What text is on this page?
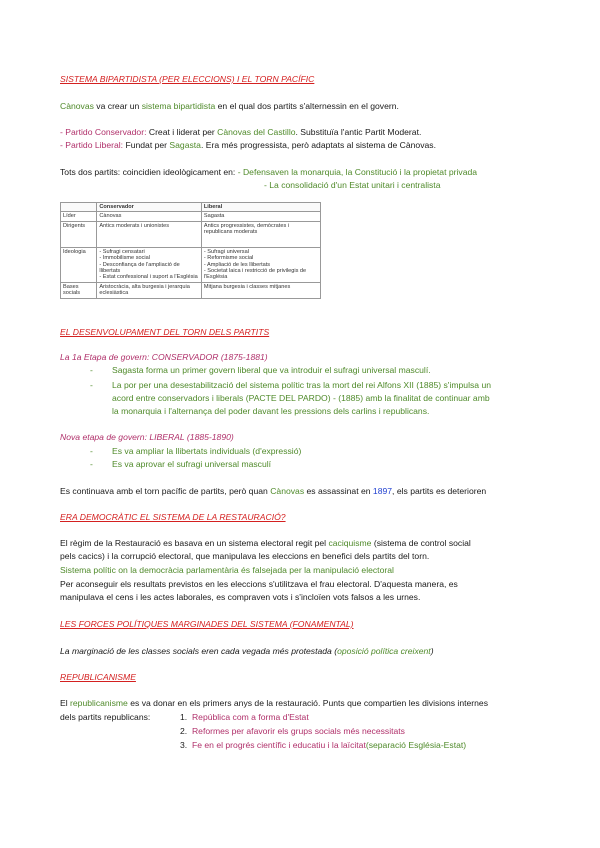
SISTEMA BIPARTIDISTA (PER ELECCIONS) I EL TORN PACÍFIC
Cànovas va crear un sistema bipartidista en el qual dos partits s'alternessin en el govern.
- Partido Conservador: Creat i liderat per Cànovas del Castillo. Substituïa l'antic Partit Moderat.
- Partido Liberal: Fundat per Sagasta. Era més progressista, però adaptats al sistema de Cànovas.
Tots dos partits: coincidien ideològicament en: - Defensaven la monarquia, la Constitució i la propietat privada
- La consolidació d'un Estat unitari i centralista
	Conservador	Liberal
Líder	Cànovas	Sagasta
Dirigents	Antics moderats i unionistes	Antics progressistes, demòcrates i republicans moderats
Ideologia	- Sufragi censatari
- Immobilisme social
- Desconfiança de l'ampliació de llibertats
- Estat confessional i suport a l'Església	- Sufragi universal
- Reformisme social
- Ampliació de les llibertats
- Societat laica i restricció de privilegis de l'Església
Bases socials	Aristocràcia, alta burgesia i jerarquia eclesiàstica	Mitjana burgesia i classes mitjanes
EL DESENVOLUPAMENT DEL TORN DELS PARTITS
La 1a Etapa de govern: CONSERVADOR (1875-1881)
- Sagasta forma un primer govern liberal que va introduir el sufragi universal masculí.
- La por per una desestabilització del sistema polític tras la mort del rei Alfons XII (1885) s'impulsa un
acord entre conservadors i liberals (PACTE DEL PARDO) - (1885) amb la finalitat de continuar amb
la monarquia i l'alternança del poder davant les pressions dels carlins i republicans.
Nova etapa de govern: LIBERAL (1885-1890)
- Es va ampliar la llibertats individuals (d'expressió)
- Es va aprovar el sufragi universal masculí
Es continuava amb el torn pacífic de partits, però quan Cànovas es assassinat en 1897, els partits es deterioren
ERA DEMOCRÀTIC EL SISTEMA DE LA RESTAURACIÓ?
El règim de la Restauració es basava en un sistema electoral regit pel caciquisme (sistema de control social
pels cacics) i la corrupció electoral, que manipulava les eleccions en benefici dels partits del torn.
Sistema polític on la democràcia parlamentària és falsejada per la manipulació electoral
Per aconseguir els resultats previstos en les eleccions s'utilitzava el frau electoral. D'aquesta manera, es
manipulava el cens i les actes laborales, es compraven vots i s'incloïen vots falsos a les urnes.
LES FORCES POLÍTIQUES MARGINADES DEL SISTEMA (FONAMENTAL)
La marginació de les classes socials eren cada vegada més protestada (oposició política creixent)
REPUBLICANISME
El republicanisme es va donar en els primers anys de la restauració. Punts que compartien les divisions internes
dels partits republicans:	1. República com a forma d'Estat
2. Reformes per afavorir els grups socials més necessitats
3. Fe en el progrés científic i educatiu i la laïcitat(separació Església-Estat)
